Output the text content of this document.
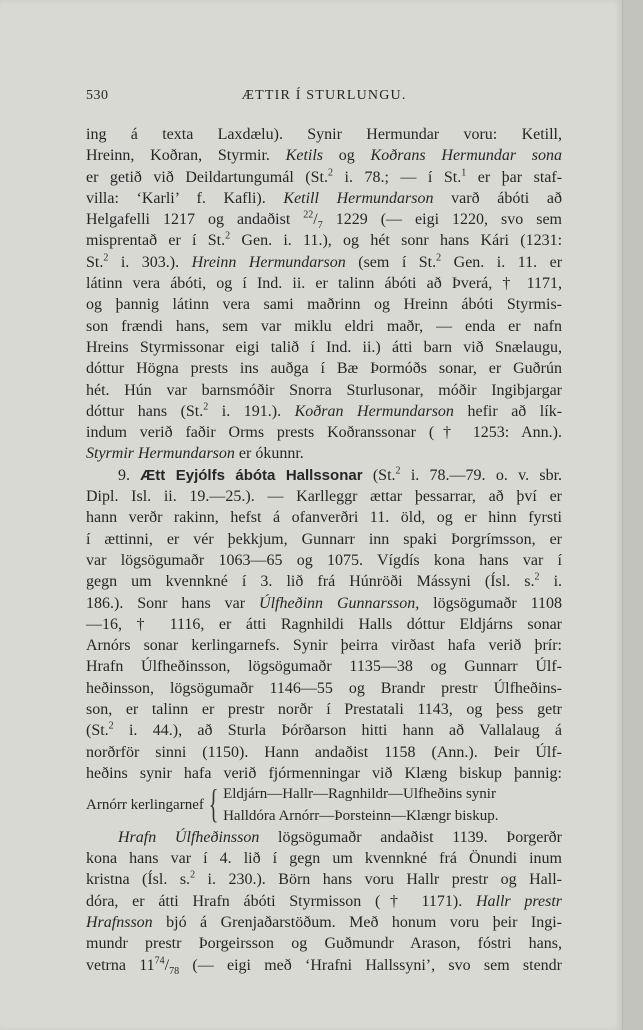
530	ÆTTIR Í STURLUNGU.
ing á texta Laxdælu). Synir Hermundar voru: Ketill,
Hreinn, Koðran, Styrmir. Ketils og Koðrans Hermundar sona
er getið við Deildartungumál (St.$^2$ i. 78.; — í St.$^1$ er þar staf-
villa: ‘Karli’ f. Kafli). Ketill Hermundarson varð ábóti að
Helgafelli 1217 og andaðist $^{22}/_7$ 1229 (— eigi 1220, svo sem
misprentað er í St.$^2$ Gen. i. 11.), og hét sonr hans Kári (1231:
St.$^2$ i. 303.). Hreinn Hermundarson (sem í St.$^2$ Gen. i. 11. er
látinn vera ábóti, og í Ind. ii. er talinn ábóti að Þverá, † 1171,
og þannig látinn vera sami maðrinn og Hreinn ábóti Styrmis-
son frændi hans, sem var miklu eldri maðr, — enda er nafn
Hreins Styrmissonar eigi talið í Ind. ii.) átti barn við Snælaugu,
dóttur Högna prests ins auðga í Bæ Þormóðs sonar, er Guðrún
hét. Hún var barnsmóðir Snorra Sturlusonar, móðir Ingibjargar
dóttur hans (St.$^2$ i. 191.). Koðran Hermundarson hefir að lík-
indum verið faðir Orms prests Koðranssonar († 1253: Ann.).
Styrmir Hermundarson er ókunnr.
9. Ætt Eyjólfs ábóta Hallssonar (St.$^2$ i. 78.—79. o. v. sbr.
Dipl. Isl. ii. 19.—25.). — Karlleggr ættar þessarrar, að því er
hann verðr rakinn, hefst á ofanverðri 11. öld, og er hinn fyrsti
í ættinni, er vér þekkjum, Gunnarr inn spaki Þorgrímsson, er
var lögsögumaðr 1063—65 og 1075. Vígdís kona hans var í
gegn um kvennkné í 3. lið frá Húnröði Mássyni (Ísl. s.$^2$ i.
186.). Sonr hans var Úlfheðinn Gunnarsson, lögsögumaðr 1108
—16, † 1116, er átti Ragnhildi Halls dóttur Eldjárns sonar
Arnórs sonar kerlingarnefs. Synir þeirra virðast hafa verið þrír:
Hrafn Úlfheðinsson, lögsögumaðr 1135—38 og Gunnarr Úlf-
heðinsson, lögsögumaðr 1146—55 og Brandr prestr Úlfheðins-
son, er talinn er prestr norðr í Prestatali 1143, og þess getr
(St.$^2$ i. 44.), að Sturla Þórðarson hitti hann að Vallalaug á
norðrför sinni (1150). Hann andaðist 1158 (Ann.). Þeir Úlf-
heðins synir hafa verið fjórmenningar við Klæng biskup þannig:
Arnórr kerlingarnef { Eldjárn—Hallr—Ragnhildr—Ulfheðins synir
Halldóra Arnórr—Þorsteinn—Klængr biskup.
Hrafn Úlfheðinsson lögsögumaðr andaðist 1139. Þorgerðr
kona hans var í 4. lið í gegn um kvennkné frá Önundi inum
kristna (Ísl. s.$^2$ i. 230.). Börn hans voru Hallr prestr og Hall-
dóra, er átti Hrafn ábóti Styrmisson († 1171). Hallr prestr
Hrafnsson bjó á Grenjaðarstöðum. Með honum voru þeir Ingi-
mundr prestr Þorgeirsson og Guðmundr Arason, fóstri hans,
vetrna $11^{74}/_{78}$ (— eigi með ‘Hrafni Hallssyni’, svo sem stendr
